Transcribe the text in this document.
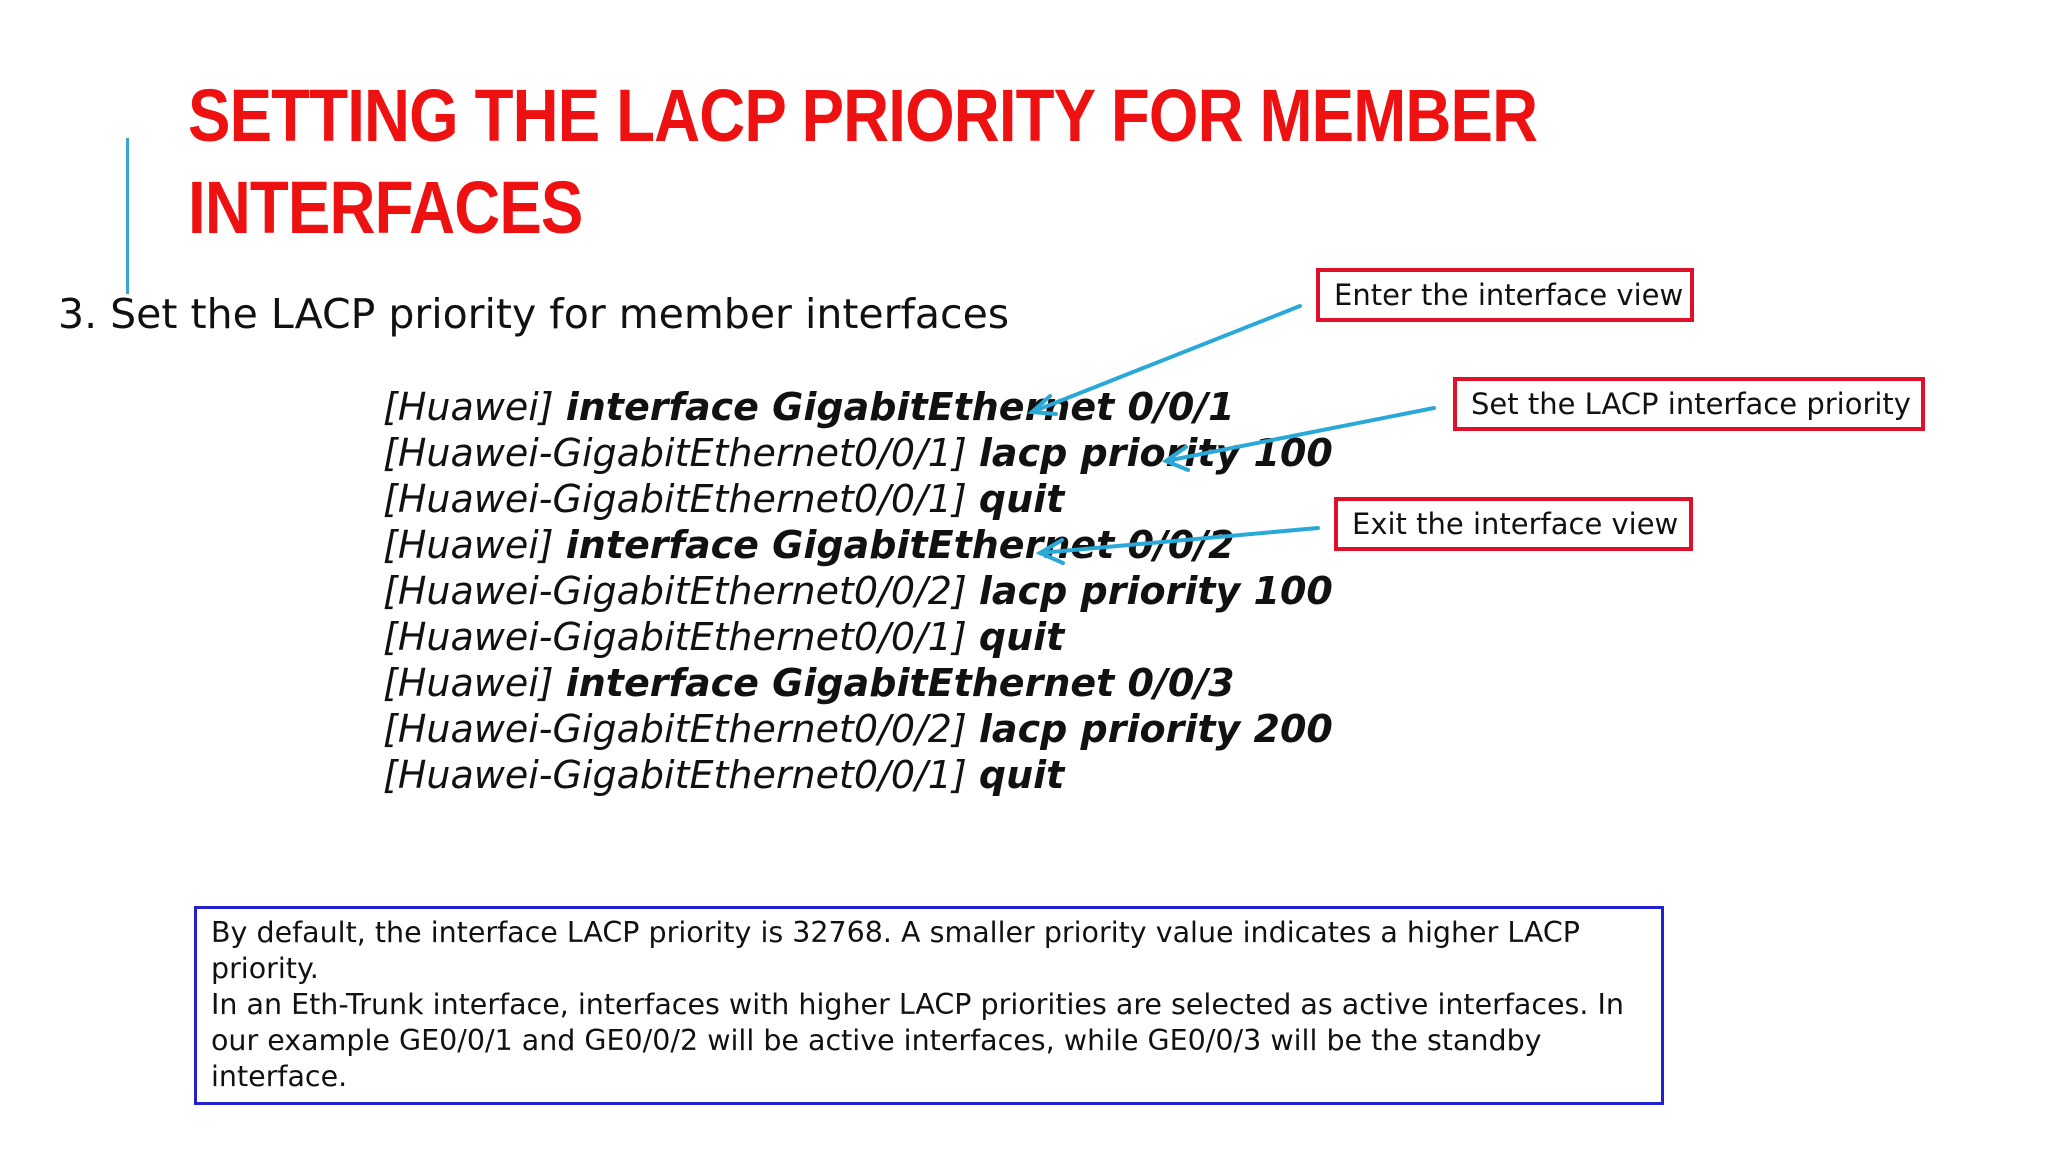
SETTING THE LACP PRIORITY FOR MEMBER
INTERFACES

3. Set the LACP priority for member interfaces

[Huawei] interface GigabitEthernet 0/0/1
[Huawei-GigabitEthernet0/0/1] lacp priority 100
[Huawei-GigabitEthernet0/0/1] quit
[Huawei] interface GigabitEthernet 0/0/2
[Huawei-GigabitEthernet0/0/2] lacp priority 100
[Huawei-GigabitEthernet0/0/1] quit
[Huawei] interface GigabitEthernet 0/0/3
[Huawei-GigabitEthernet0/0/2] lacp priority 200
[Huawei-GigabitEthernet0/0/1] quit
Enter the interface view
Set the LACP interface priority
Exit the interface view

By default, the interface LACP priority is 32768. A smaller priority value indicates a higher LACP priority.

In an Eth-Trunk interface, interfaces with higher LACP priorities are selected as active interfaces. In our example GE0/0/1 and GE0/0/2 will be active interfaces, while GE0/0/3 will be the standby interface.
